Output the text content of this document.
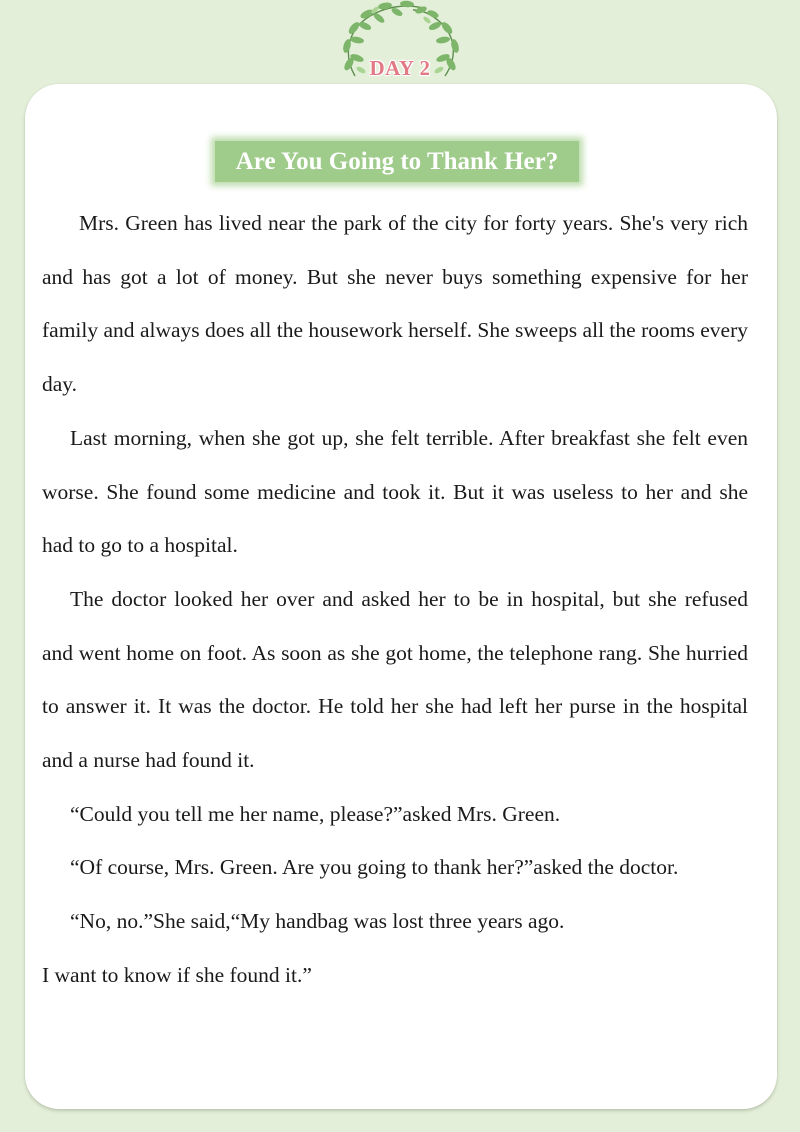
DAY 2
Are You Going to Thank Her?

Mrs. Green has lived near the park of the city for forty years. She's very rich and has got a lot of money. But she never buys something expensive for her family and always does all the housework herself. She sweeps all the rooms every day.

Last morning, when she got up, she felt terrible. After breakfast she felt even worse. She found some medicine and took it. But it was useless to her and she had to go to a hospital.

The doctor looked her over and asked her to be in hospital, but she refused and went home on foot. As soon as she got home, the telephone rang. She hurried to answer it. It was the doctor. He told her she had left her purse in the hospital and a nurse had found it.

“Could you tell me her name, please?”asked Mrs. Green.

“Of course, Mrs. Green. Are you going to thank her?”asked the doctor.

“No, no.”She said,“My handbag was lost three years ago.

I want to know if she found it.”
